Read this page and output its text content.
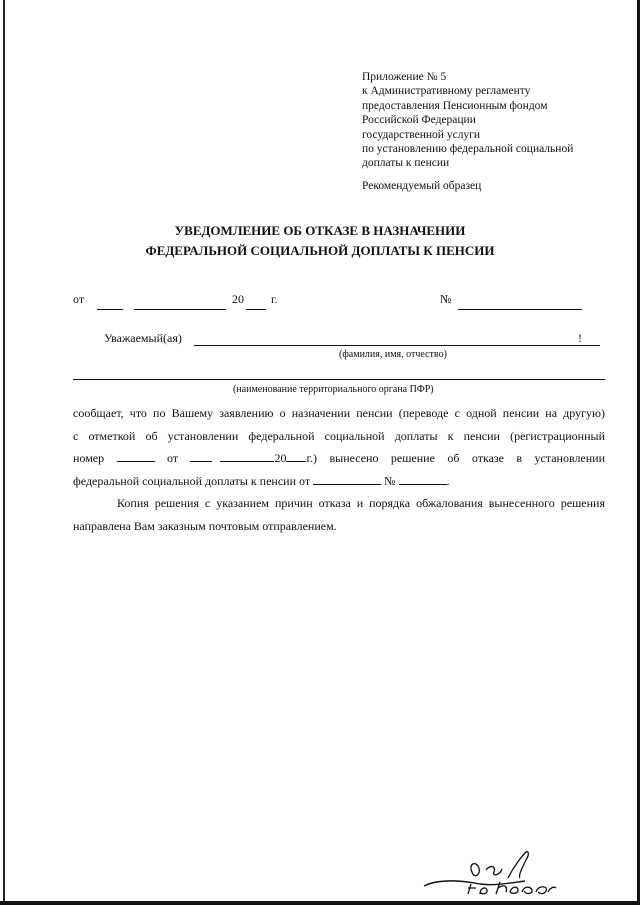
Приложение № 5
к Административному регламенту
предоставления Пенсионным фондом
Российской Федерации
государственной услуги
по установлению федеральной социальной
доплаты к пенсии
Рекомендуемый образец
УВЕДОМЛЕНИЕ ОБ ОТКАЗЕ В НАЗНАЧЕНИИ
ФЕДЕРАЛЬНОЙ СОЦИАЛЬНОЙ ДОПЛАТЫ К ПЕНСИИ
от	20 г.	№
Уважаемый(ая)	!
(фамилия, имя, отчество)
(наименование территориального органа ПФР)
сообщает, что по Вашему заявлению о назначении пенсии (переводе с одной пенсии на другую)
с отметкой об установлении федеральной социальной доплаты к пенсии (регистрационный
номер	от	20 г.) вынесено решение об отказе в установлении
федеральной социальной доплаты к пенсии от	№	.
Копия решения с указанием причин отказа и порядка обжалования вынесенного решения
направлена Вам заказным почтовым отправлением.
